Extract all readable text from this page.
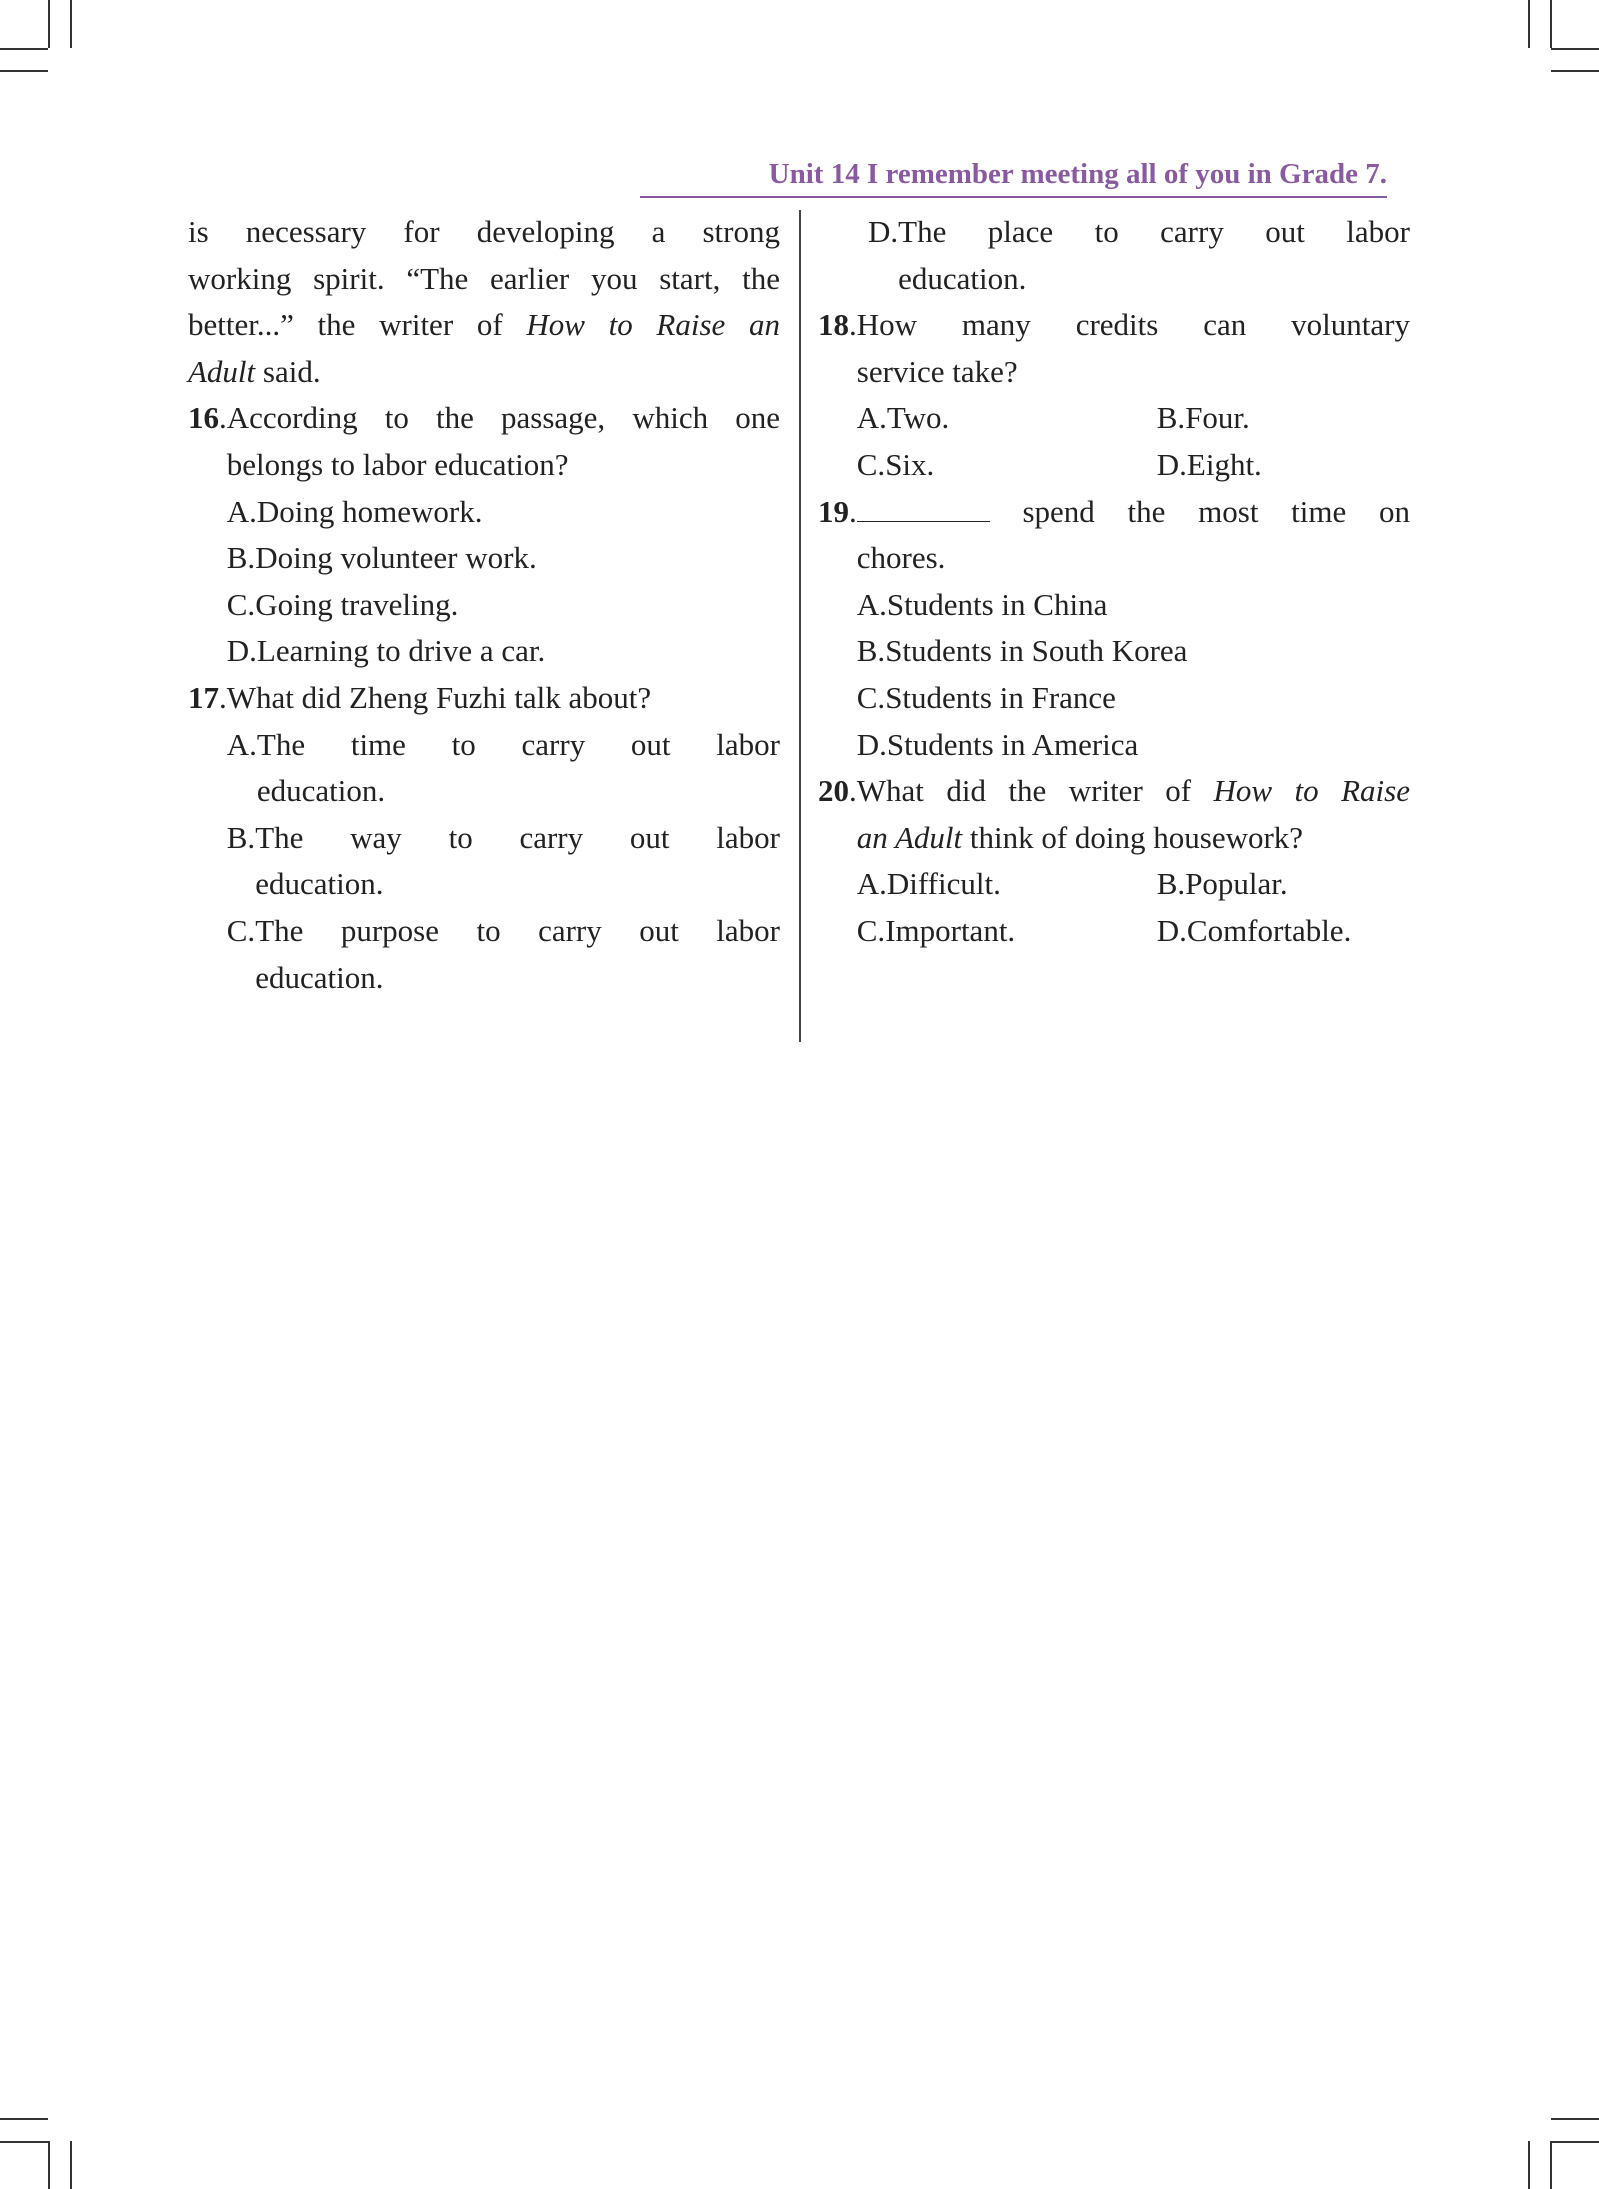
Unit 14 I remember meeting all of you in Grade 7.
is necessary for developing a strong
working spirit. “The earlier you start, the
better...” the writer of How to Raise an
Adult said.
16. According to the passage, which one
belongs to labor education?
A. Doing homework.
B. Doing volunteer work.
C. Going traveling.
D. Learning to drive a car.
17. What did Zheng Fuzhi talk about?
A. The time to carry out labor
education.
B. The way to carry out labor
education.
C. The purpose to carry out labor
education.
D. The place to carry out labor
education.
18. How many credits can voluntary
service take?
A. Two.	B. Four.
C. Six.	D. Eight.
19.	spend the most time on
chores.
A. Students in China
B. Students in South Korea
C. Students in France
D. Students in America
20. What did the writer of How to Raise
an Adult think of doing housework?
A. Difficult.	B. Popular.
C. Important.	D. Comfortable.
